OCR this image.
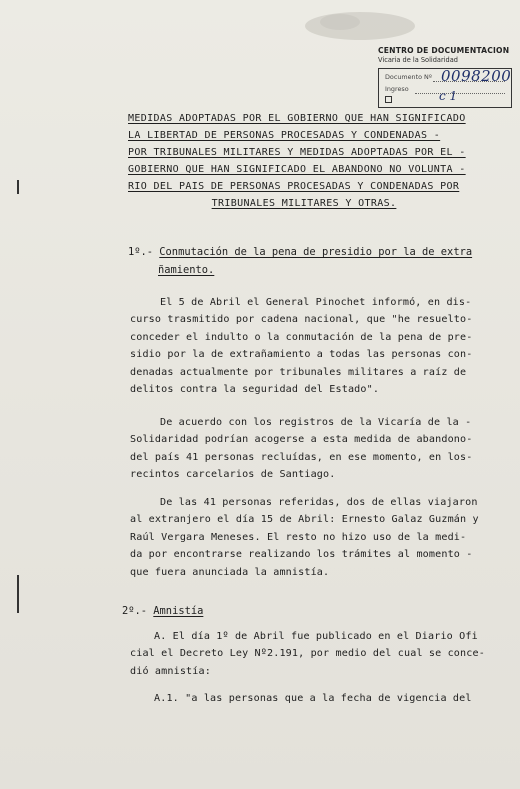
CENTRO DE DOCUMENTACION
Vicaria de la Solidaridad
Documento Nº 0098200
Ingreso	c 1
MEDIDAS ADOPTADAS POR EL GOBIERNO QUE HAN SIGNIFICADO
LA LIBERTAD DE PERSONAS PROCESADAS Y CONDENADAS -
POR TRIBUNALES MILITARES Y MEDIDAS ADOPTADAS POR EL -
GOBIERNO QUE HAN SIGNIFICADO EL ABANDONO NO VOLUNTA -
RIO DEL PAIS DE PERSONAS PROCESADAS Y CONDENADAS POR
TRIBUNALES MILITARES Y OTRAS.
1º.- Conmutación de la pena de presidio por la de extra
ñamiento.
El 5 de Abril el General Pinochet informó, en dis-
curso trasmitido por cadena nacional, que "he resuelto-
conceder el indulto o la conmutación de la pena de pre-
sidio por la de extrañamiento a todas las personas con-
denadas actualmente por tribunales militares a raíz de
delitos contra la seguridad del Estado".
De acuerdo con los registros de la Vicaría de la -
Solidaridad podrían acogerse a esta medida de abandono-
del país 41 personas recluídas, en ese momento, en los-
recintos carcelarios de Santiago.
De las 41 personas referidas, dos de ellas viajaron
al extranjero el día 15 de Abril: Ernesto Galaz Guzmán y
Raúl Vergara Meneses. El resto no hizo uso de la medi-
da por encontrarse realizando los trámites al momento -
que fuera anunciada la amnistía.
2º.- Amnistía
A. El día 1º de Abril fue publicado en el Diario Ofi
cial el Decreto Ley Nº2.191, por medio del cual se conce-
dió amnistía:
A.1. "a las personas que a la fecha de vigencia del
